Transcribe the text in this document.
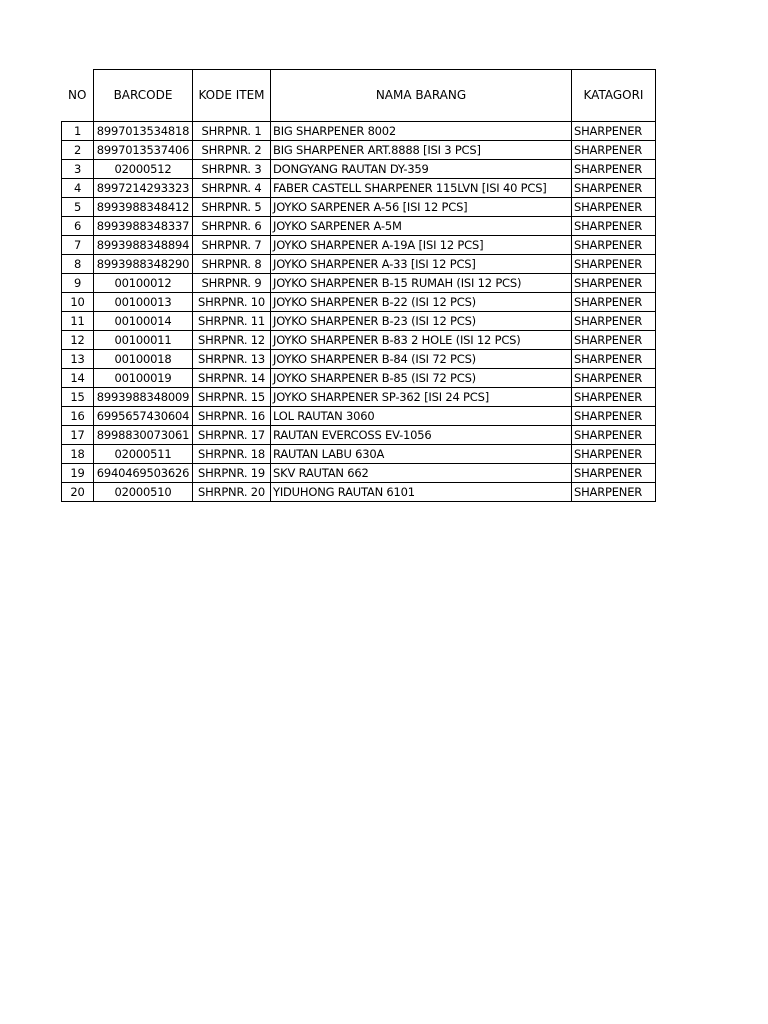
NO	BARCODE	KODE ITEM	NAMA BARANG	KATAGORI
1	8997013534818	SHRPNR. 1	BIG SHARPENER 8002	SHARPENER
2	8997013537406	SHRPNR. 2	BIG SHARPENER ART.8888 [ISI 3 PCS]	SHARPENER
3	02000512	SHRPNR. 3	DONGYANG RAUTAN DY-359	SHARPENER
4	8997214293323	SHRPNR. 4	FABER CASTELL SHARPENER 115LVN [ISI 40 PCS]	SHARPENER
5	8993988348412	SHRPNR. 5	JOYKO SARPENER A-56 [ISI 12 PCS]	SHARPENER
6	8993988348337	SHRPNR. 6	JOYKO SARPENER A-5M	SHARPENER
7	8993988348894	SHRPNR. 7	JOYKO SHARPENER A-19A [ISI 12 PCS]	SHARPENER
8	8993988348290	SHRPNR. 8	JOYKO SHARPENER A-33 [ISI 12 PCS]	SHARPENER
9	00100012	SHRPNR. 9	JOYKO SHARPENER B-15 RUMAH (ISI 12 PCS)	SHARPENER
10	00100013	SHRPNR. 10	JOYKO SHARPENER B-22 (ISI 12 PCS)	SHARPENER
11	00100014	SHRPNR. 11	JOYKO SHARPENER B-23 (ISI 12 PCS)	SHARPENER
12	00100011	SHRPNR. 12	JOYKO SHARPENER B-83 2 HOLE (ISI 12 PCS)	SHARPENER
13	00100018	SHRPNR. 13	JOYKO SHARPENER B-84 (ISI 72 PCS)	SHARPENER
14	00100019	SHRPNR. 14	JOYKO SHARPENER B-85 (ISI 72 PCS)	SHARPENER
15	8993988348009	SHRPNR. 15	JOYKO SHARPENER SP-362 [ISI 24 PCS]	SHARPENER
16	6995657430604	SHRPNR. 16	LOL RAUTAN 3060	SHARPENER
17	8998830073061	SHRPNR. 17	RAUTAN EVERCOSS EV-1056	SHARPENER
18	02000511	SHRPNR. 18	RAUTAN LABU 630A	SHARPENER
19	6940469503626	SHRPNR. 19	SKV RAUTAN 662	SHARPENER
20	02000510	SHRPNR. 20	YIDUHONG RAUTAN 6101	SHARPENER
